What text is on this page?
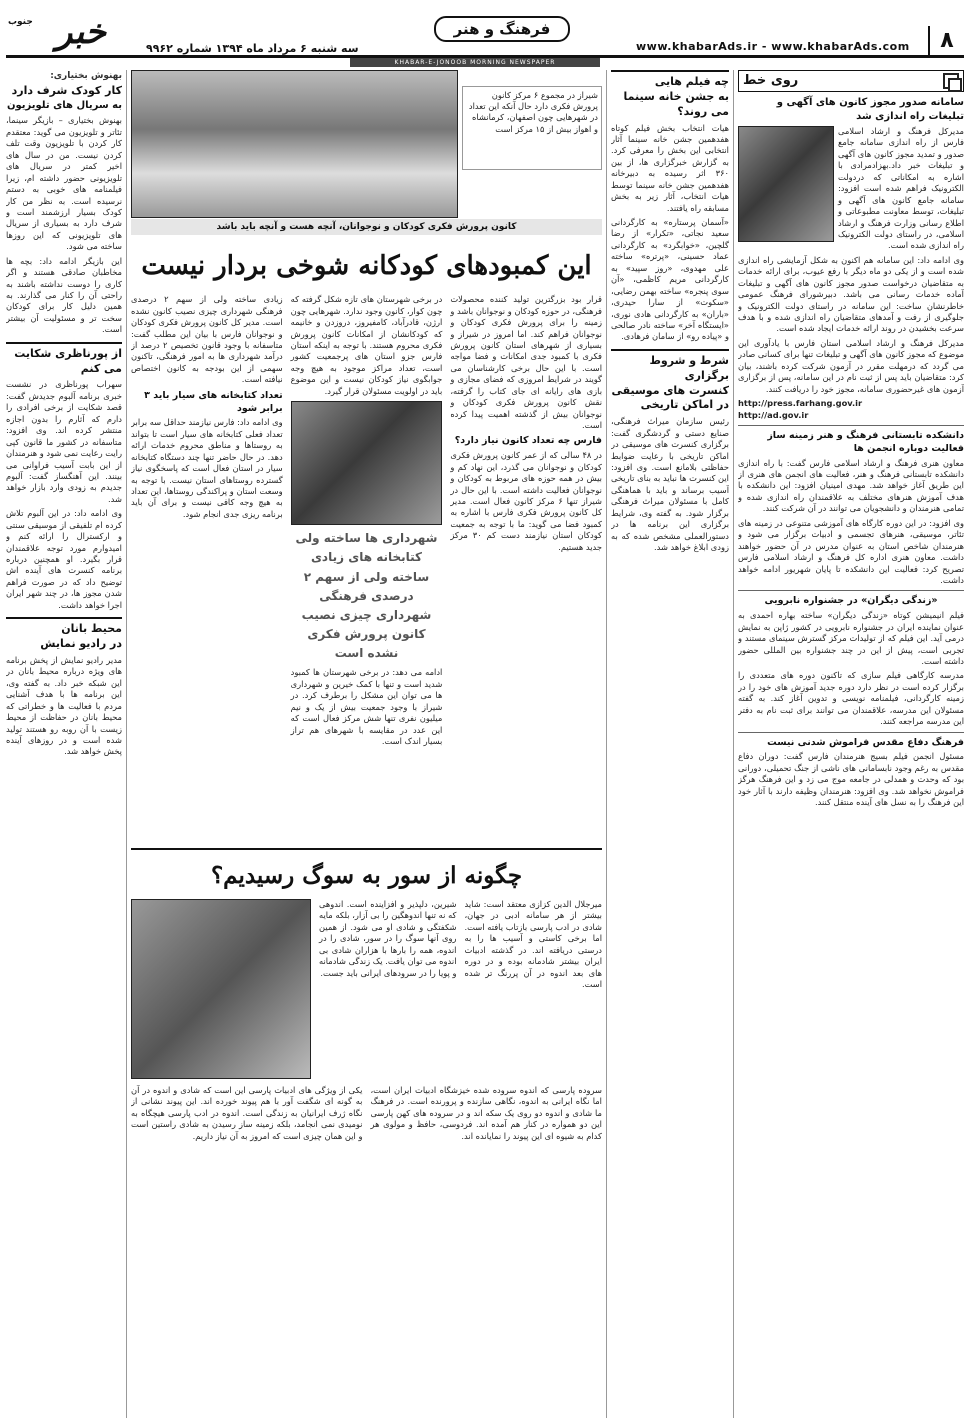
خبر
جنوب
سه شنبه ۶ مرداد ماه ۱۳۹۴ شماره ۹۹۶۲
فرهنگ و هنر
www.khabarAds.ir - www.khabarAds.com	۸
KHABAR-E-JONOOB MORNING NEWSPAPER
روی خط
سامانه صدور مجوز کانون های آگهی و تبلیغات راه اندازی شد

مدیرکل فرهنگ و ارشاد اسلامی فارس از راه اندازی سامانه جامع صدور و تمدید مجوز کانون های آگهی و تبلیغات خبر داد.بهزادمرادی با اشاره به امکاناتی که دردولت الکترونیک فراهم شده است افزود: سامانه جامع کانون های آگهی و تبلیغات، توسط معاونت مطبوعاتی و اطلاع رسانی وزارت فرهنگ و ارشاد اسلامی، در راستای دولت الکترونیک راه اندازی شده است.

وی ادامه داد: این سامانه هم اکنون به شکل آزمایشی راه اندازی شده است و از یکی دو ماه دیگر با رفع عیوب، برای ارائه خدمات به متقاضیان درخواست صدور مجوز کانون های آگهی و تبلیغات آماده خدمات رسانی می باشد. دبیرشورای فرهنگ عمومی خاطرنشان ساخت: این سامانه در راستای دولت الکترونیک و جلوگیری از رفت و آمدهای متقاضیان راه اندازی شده و با هدف سرعت بخشیدن در روند ارائه خدمات ایجاد شده است.

مدیرکل فرهنگ و ارشاد اسلامی استان فارس با یادآوری این موضوع که مجوز کانون های آگهی و تبلیغات تنها برای کسانی صادر می گردد که درمهلت مقرر در آزمون شرکت کرده باشند، بیان کرد: متقاضیان باید پس از ثبت نام در این سامانه، پس از برگزاری آزمون های غیرحضوری سامانه، مجوز خود را دریافت کنند.

http://press.farhang.gov.ir
http://ad.gov.ir

دانشکده تابستانی فرهنگ و هنر زمینه ساز فعالیت دوباره انجمن ها

معاون هنری فرهنگ و ارشاد اسلامی فارس گفت: با راه اندازی دانشکده تابستانی فرهنگ و هنر، فعالیت های انجمن های هنری از این طریق آغاز خواهد شد. مهدی امینیان افزود: این دانشکده با هدف آموزش هنرهای مختلف به علاقمندان راه اندازی شده و تمامی هنرمندان و دانشجویان می توانند در آن شرکت کنند.

وی افزود: در این دوره کارگاه های آموزشی متنوعی در زمینه های تئاتر، موسیقی، هنرهای تجسمی و ادبیات برگزار می شود و هنرمندان شاخص استان به عنوان مدرس در آن حضور خواهند داشت. معاون هنری اداره کل فرهنگ و ارشاد اسلامی فارس تصریح کرد: فعالیت این دانشکده تا پایان شهریور ادامه خواهد داشت.

«زندگی دیگران» در جشنواره نابرویی

فیلم انیمیشن کوتاه «زندگی دیگران» ساخته بهاره احمدی به عنوان نماینده ایران در جشنواره نابرویی در کشور ژاپن به نمایش درمی آید. این فیلم که از تولیدات مرکز گسترش سینمای مستند و تجربی است، پیش از این در چند جشنواره بین المللی حضور داشته است.

مدرسه کارگاهی فیلم سازی که تاکنون دوره های متعددی را برگزار کرده است در نظر دارد دوره جدید آموزش های خود را در زمینه کارگردانی، فیلمنامه نویسی و تدوین آغاز کند. به گفته مسئولان این مدرسه، علاقمندان می توانند برای ثبت نام به دفتر این مدرسه مراجعه کنند.

فرهنگ دفاع مقدس فراموش شدنی نیست

مسئول انجمن فیلم بسیج هنرمندان فارس گفت: دوران دفاع مقدس به رغم وجود نابسامانی های ناشی از جنگ تحمیلی، دورانی بود که وحدت و همدلی در جامعه موج می زد و این فرهنگ هرگز فراموش نخواهد شد. وی افزود: هنرمندان وظیفه دارند با آثار خود این فرهنگ را به نسل های آینده منتقل کنند.

چه فیلم هایی
به جشن خانه سینما
می روند؟

هیات انتخاب بخش فیلم کوتاه هفدهمین جشن خانه سینما آثار انتخابی این بخش را معرفی کرد. به گزارش خبرگزاری ها، از بین ۳۶۰ اثر رسیده به دبیرخانه هفدهمین جشن خانه سینما توسط هیات انتخاب، آثار زیر به بخش مسابقه راه یافتند.

«آسمان پرستاره» به کارگردانی سعید نجاتی، «تکرار» از رضا گلچین، «خوابگرد» به کارگردانی عماد حسینی، «پرتره» ساخته علی مهدوی، «روز سپید» به کارگردانی مریم کاظمی، «آن سوی پنجره» ساخته بهمن رضایی، «سکوت» از سارا حیدری، «باران» به کارگردانی هادی نوری، «ایستگاه آخر» ساخته نادر صالحی و «پیاده رو» از سامان فرهادی.

شرط و شروط برگزاری
کنسرت های موسیقی
در اماکن تاریخی

رئیس سازمان میراث فرهنگی، صنایع دستی و گردشگری گفت: برگزاری کنسرت های موسیقی در اماکن تاریخی با رعایت ضوابط حفاظتی بلامانع است. وی افزود: این کنسرت ها نباید به بنای تاریخی آسیب برساند و باید با هماهنگی کامل با مسئولان میراث فرهنگی برگزار شود. به گفته وی، شرایط برگزاری این برنامه ها در دستورالعملی مشخص شده که به زودی ابلاغ خواهد شد.

شیراز در مجموع ۶ مرکز کانون پرورش فکری دارد حال آنکه این تعداد در شهرهایی چون اصفهان، کرمانشاه و اهواز بیش از ۱۵ مرکز است
کانون پرورش فکری کودکان و نوجوانان، آنچه هست و آنچه باید باشد
این کمبودهای کودکانه شوخی بردار نیست

قرار بود بزرگترین تولید کننده محصولات فرهنگی، در حوزه کودکان و نوجوانان باشد و زمینه را برای پرورش فکری کودکان و نوجوانان فراهم کند. اما امروز در شیراز و بسیاری از شهرهای استان کانون پرورش فکری با کمبود جدی امکانات و فضا مواجه است. با این حال برخی کارشناسان می گویند در شرایط امروزی که فضای مجازی و بازی های رایانه ای جای کتاب را گرفته، نقش کانون پرورش فکری کودکان و نوجوانان بیش از گذشته اهمیت پیدا کرده است.

فارس چه تعداد کانون نیاز دارد؟

در ۴۸ سالی که از عمر کانون پرورش فکری کودکان و نوجوانان می گذرد، این نهاد کم و بیش در همه حوزه های مربوط به کودکان و نوجوانان فعالیت داشته است. با این حال در شیراز تنها ۶ مرکز کانون فعال است. مدیر کل کانون پرورش فکری فارس با اشاره به کمبود فضا می گوید: ما با توجه به جمعیت کودکان استان نیازمند دست کم ۳۰ مرکز جدید هستیم.

در برخی شهرستان های تازه شکل گرفته که چون کوار، کانون وجود ندارد. شهرهایی چون ارژن، قادرآباد، کامفیروز، دروزدن و خانیمه که کودکانشان از امکانات کانون پرورش فکری محروم هستند. با توجه به اینکه استان فارس جزو استان های پرجمعیت کشور است، تعداد مراکز موجود به هیچ وجه جوابگوی نیاز کودکان نیست و این موضوع باید در اولویت مسئولان قرار گیرد.

شهرداری ها ساخته ولی کتابخانه های زیادی ساخته ولی از سهم ۲ درصدی فرهنگی شهرداری چیزی نصیب کانون پرورش فکری نشده است

ادامه می دهد: در برخی شهرستان ها کمبود شدید است و تنها با کمک خیرین و شهرداری ها می توان این مشکل را برطرف کرد. در شیراز با وجود جمعیت بیش از یک و نیم میلیون نفری تنها شش مرکز فعال است که این عدد در مقایسه با شهرهای هم تراز بسیار اندک است.

زیادی ساخته ولی از سهم ۲ درصدی فرهنگی شهرداری چیزی نصیب کانون نشده است. مدیر کل کانون پرورش فکری کودکان و نوجوانان فارس با بیان این مطلب گفت: متاسفانه با وجود قانون تخصیص ۲ درصد از درآمد شهرداری ها به امور فرهنگی، تاکنون سهمی از این بودجه به کانون اختصاص نیافته است.

تعداد کتابخانه های سیار باید ۳ برابر شود

وی ادامه داد: فارس نیازمند حداقل سه برابر تعداد فعلی کتابخانه های سیار است تا بتواند به روستاها و مناطق محروم خدمات ارائه دهد. در حال حاضر تنها چند دستگاه کتابخانه سیار در استان فعال است که پاسخگوی نیاز گسترده روستاهای استان نیست. با توجه به وسعت استان و پراکندگی روستاها، این تعداد به هیچ وجه کافی نیست و برای آن باید برنامه ریزی جدی انجام شود.

چگونه از سور به سوگ رسیدیم؟

میرجلال الدین کزازی معتقد است: شاید بیشتر از هر سامانه ادبی در جهان، شادی در ادب پارسی بازتاب یافته است. اما برخی کاستی و آسیب ها را به درستی دریافته اند. در گذشته ادبیات ایران بیشتر شادمانه بوده و در دوره های بعد اندوه در آن پررنگ تر شده است.

شیرین، دلپذیر و افزاینده است. اندوهی که نه تنها اندوهگین را بی آزار، بلکه مایه شکفتگی و شادی او می شود. از همین روی آنها سوگ را در سور، شادی را در اندوه، همه را بارها با هزاران شادی بی اندوه می توان یافت. یک زندگی شادمانه و پویا را در سرودهای ایرانی باید جست.

سروده پارسی که اندوه سروده شده خیزشگاه ادبیات ایران است، اما نگاه ایرانی به اندوه، نگاهی سازنده و پرورنده است. در فرهنگ ما شادی و اندوه دو روی یک سکه اند و در سروده های کهن پارسی این دو همواره در کنار هم آمده اند. فردوسی، حافظ و مولوی هر کدام به شیوه ای این پیوند را نمایانده اند.

یکی از ویژگی های ادبیات پارسی این است که شادی و اندوه در آن به گونه ای شگفت آور با هم پیوند خورده اند. این پیوند نشانی از نگاه ژرف ایرانیان به زندگی است. اندوه در ادب پارسی هیچگاه به نومیدی نمی انجامد، بلکه زمینه ساز رسیدن به شادی راستین است و این همان چیزی است که امروز به آن نیاز داریم.

بهنوش بختیاری:
کار کودک شرف دارد
به سریال های تلویزیون

بهنوش بختیاری – بازیگر سینما، تئاتر و تلویزیون می گوید: معتقدم کار کردن با تلویزیون وقت تلف کردن نیست. من در سال های اخیر کمتر در سریال های تلویزیونی حضور داشته ام، زیرا فیلمنامه های خوبی به دستم نرسیده است. به نظر من کار کودک بسیار ارزشمند است و شرف دارد به بسیاری از سریال های تلویزیونی که این روزها ساخته می شود.

این بازیگر ادامه داد: بچه ها مخاطبان صادقی هستند و اگر کاری را دوست نداشته باشند به راحتی آن را کنار می گذارند. به همین دلیل کار برای کودکان سخت تر و مسئولیت آن بیشتر است.

از پورناظری شکایت
می کنم

سهراب پورناظری در نشست خبری برنامه آلبوم جدیدش گفت: قصد شکایت از برخی افرادی را دارم که آثارم را بدون اجازه منتشر کرده اند. وی افزود: متاسفانه در کشور ما قانون کپی رایت رعایت نمی شود و هنرمندان از این بابت آسیب فراوانی می بینند. این آهنگساز گفت: آلبوم جدیدم به زودی وارد بازار خواهد شد.

وی ادامه داد: در این آلبوم تلاش کرده ام تلفیقی از موسیقی سنتی و ارکسترال را ارائه کنم و امیدوارم مورد توجه علاقمندان قرار بگیرد. او همچنین درباره برنامه کنسرت های آینده اش توضیح داد که در صورت فراهم شدن مجوز ها، در چند شهر ایران اجرا خواهد داشت.

محیط بانان
در رادیو نمایش

مدیر رادیو نمایش از پخش برنامه های ویژه درباره محیط بانان در این شبکه خبر داد. به گفته وی، این برنامه ها با هدف آشنایی مردم با فعالیت ها و خطراتی که محیط بانان در حفاظت از محیط زیست با آن روبه رو هستند تولید شده است و در روزهای آینده پخش خواهد شد.
